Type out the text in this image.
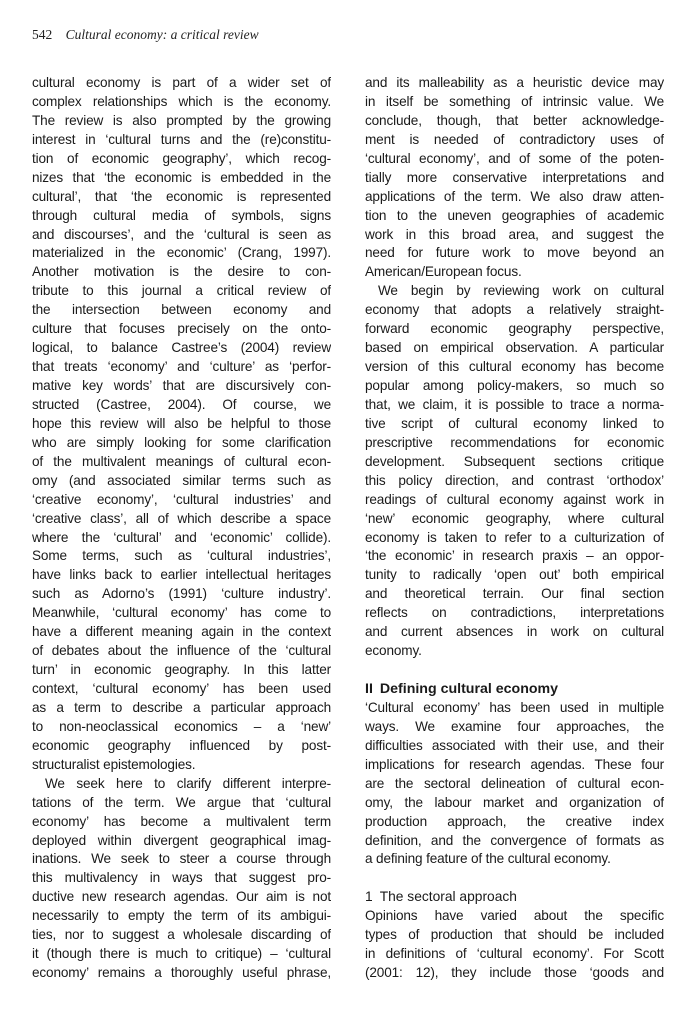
542 Cultural economy: a critical review
cultural economy is part of a wider set of
complex relationships which is the economy.
The review is also prompted by the growing
interest in ‘cultural turns and the (re)constitu-
tion of economic geography’, which recog-
nizes that ‘the economic is embedded in the
cultural’, that ‘the economic is represented
through cultural media of symbols, signs
and discourses’, and the ‘cultural is seen as
materialized in the economic’ (Crang, 1997).
Another motivation is the desire to con-
tribute to this journal a critical review of
the intersection between economy and
culture that focuses precisely on the onto-
logical, to balance Castree’s (2004) review
that treats ‘economy’ and ‘culture’ as ‘perfor-
mative key words’ that are discursively con-
structed (Castree, 2004). Of course, we
hope this review will also be helpful to those
who are simply looking for some clarification
of the multivalent meanings of cultural econ-
omy (and associated similar terms such as
‘creative economy’, ‘cultural industries’ and
‘creative class’, all of which describe a space
where the ‘cultural’ and ‘economic’ collide).
Some terms, such as ‘cultural industries’,
have links back to earlier intellectual heritages
such as Adorno’s (1991) ‘culture industry’.
Meanwhile, ‘cultural economy’ has come to
have a different meaning again in the context
of debates about the influence of the ‘cultural
turn’ in economic geography. In this latter
context, ‘cultural economy’ has been used
as a term to describe a particular approach
to non-neoclassical economics – a ‘new’
economic geography influenced by post-
structuralist epistemologies.
We seek here to clarify different interpre-
tations of the term. We argue that ‘cultural
economy’ has become a multivalent term
deployed within divergent geographical imag-
inations. We seek to steer a course through
this multivalency in ways that suggest pro-
ductive new research agendas. Our aim is not
necessarily to empty the term of its ambigui-
ties, nor to suggest a wholesale discarding of
it (though there is much to critique) – ‘cultural
economy’ remains a thoroughly useful phrase,
and its malleability as a heuristic device may
in itself be something of intrinsic value. We
conclude, though, that better acknowledge-
ment is needed of contradictory uses of
‘cultural economy’, and of some of the poten-
tially more conservative interpretations and
applications of the term. We also draw atten-
tion to the uneven geographies of academic
work in this broad area, and suggest the
need for future work to move beyond an
American/European focus.
We begin by reviewing work on cultural
economy that adopts a relatively straight-
forward economic geography perspective,
based on empirical observation. A particular
version of this cultural economy has become
popular among policy-makers, so much so
that, we claim, it is possible to trace a norma-
tive script of cultural economy linked to
prescriptive recommendations for economic
development. Subsequent sections critique
this policy direction, and contrast ‘orthodox’
readings of cultural economy against work in
‘new’ economic geography, where cultural
economy is taken to refer to a culturization of
‘the economic’ in research praxis – an oppor-
tunity to radically ‘open out’ both empirical
and theoretical terrain. Our final section
reflects on contradictions, interpretations
and current absences in work on cultural
economy.
II Defining cultural economy
‘Cultural economy’ has been used in multiple
ways. We examine four approaches, the
difficulties associated with their use, and their
implications for research agendas. These four
are the sectoral delineation of cultural econ-
omy, the labour market and organization of
production approach, the creative index
definition, and the convergence of formats as
a defining feature of the cultural economy.
1 The sectoral approach
Opinions have varied about the specific
types of production that should be included
in definitions of ‘cultural economy’. For Scott
(2001: 12), they include those ‘goods and
